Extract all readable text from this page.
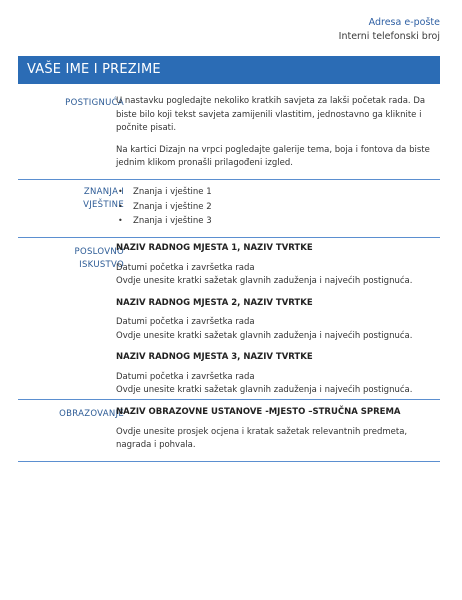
Adresa e-pošte
Interni telefonski broj
VAŠE IME I PREZIME
POSTIGNUĆA

U nastavku pogledajte nekoliko kratkih savjeta za lakši početak rada. Da biste bilo koji tekst savjeta zamijenili vlastitim, jednostavno ga kliknite i počnite pisati.

Na kartici Dizajn na vrpci pogledajte galerije tema, boja i fontova da biste jednim klikom pronašli prilagođeni izgled.

ZNANJA I
VJEŠTINE
• Znanja i vještine 1
• Znanja i vještine 2
• Znanja i vještine 3
POSLOVNO
ISKUSTVO
NAZIV RADNOG MJESTA 1, NAZIV TVRTKE
Datumi početka i završetka rada
Ovdje unesite kratki sažetak glavnih zaduženja i najvećih postignuća.
NAZIV RADNOG MJESTA 2, NAZIV TVRTKE
Datumi početka i završetka rada
Ovdje unesite kratki sažetak glavnih zaduženja i najvećih postignuća.
NAZIV RADNOG MJESTA 3, NAZIV TVRTKE
Datumi početka i završetka rada
Ovdje unesite kratki sažetak glavnih zaduženja i najvećih postignuća.
OBRAZOVANJE
NAZIV OBRAZOVNE USTANOVE -MJESTO –STRUČNA SPREMA

Ovdje unesite prosjek ocjena i kratak sažetak relevantnih predmeta, nagrada i pohvala.
